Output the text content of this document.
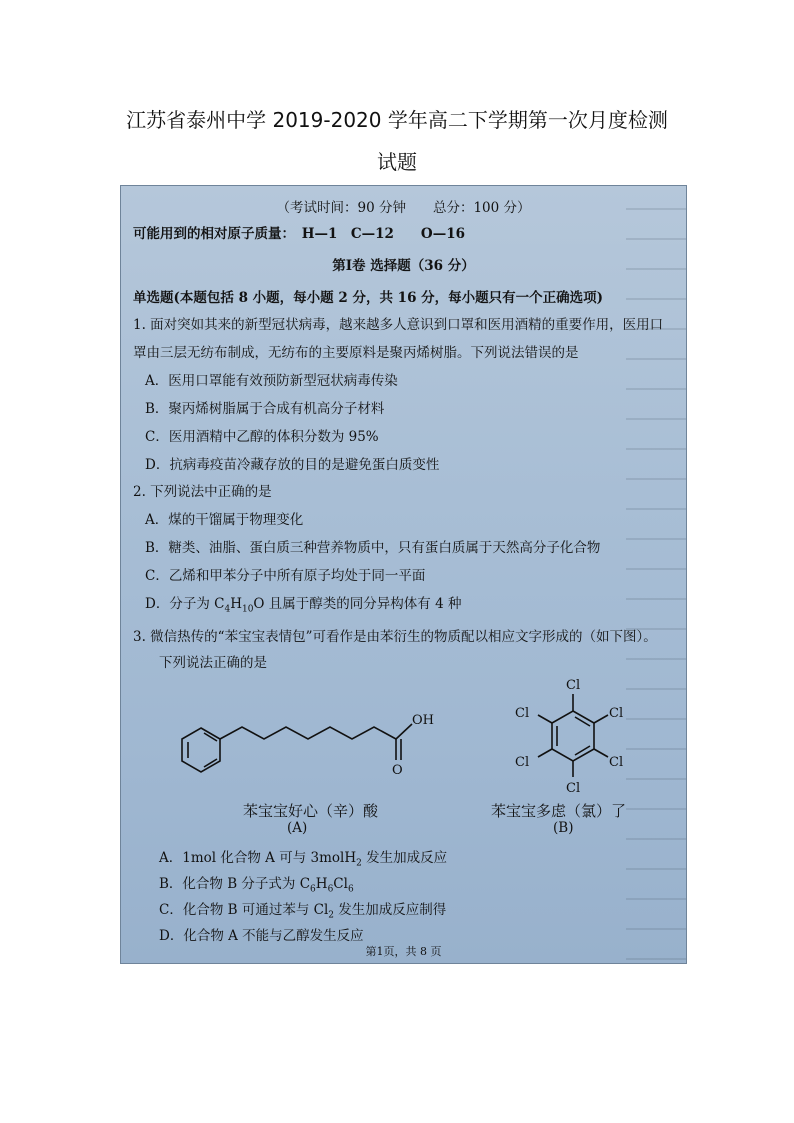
江苏省泰州中学 2019-2020 学年高二下学期第一次月度检测
试题
（考试时间：90 分钟　　总分：100 分）
可能用到的相对原子质量：　H—1　C—12　　O—16
第Ⅰ卷 选择题（36 分）
单选题(本题包括 8 小题，每小题 2 分，共 16 分，每小题只有一个正确选项)
1. 面对突如其来的新型冠状病毒，越来越多人意识到口罩和医用酒精的重要作用，医用口
罩由三层无纺布制成，无纺布的主要原料是聚丙烯树脂。下列说法错误的是
A．医用口罩能有效预防新型冠状病毒传染
B．聚丙烯树脂属于合成有机高分子材料
C．医用酒精中乙醇的体积分数为 95%
D．抗病毒疫苗冷藏存放的目的是避免蛋白质变性
2. 下列说法中正确的是
A．煤的干馏属于物理变化
B．糖类、油脂、蛋白质三种营养物质中，只有蛋白质属于天然高分子化合物
C．乙烯和甲苯分子中所有原子均处于同一平面
D．分子为 $C_4H_{10}O$ 且属于醇类的同分异构体有 4 种
3. 微信热传的“苯宝宝表情包”可看作是由苯衍生的物质配以相应文字形成的（如下图）。
下列说法正确的是
OH
O
苯宝宝好心（辛）酸
(A)
Cl
Cl
Cl
Cl
Cl
Cl
苯宝宝多虑（氯）了
(B)
A．1mol 化合物 A 可与 3molH$_2$ 发生加成反应
B．化合物 B 分子式为 $C_6H_6Cl_6$
C．化合物 B 可通过苯与 $Cl_2$ 发生加成反应制得
D．化合物 A 不能与乙醇发生反应
第1页，共 8 页
